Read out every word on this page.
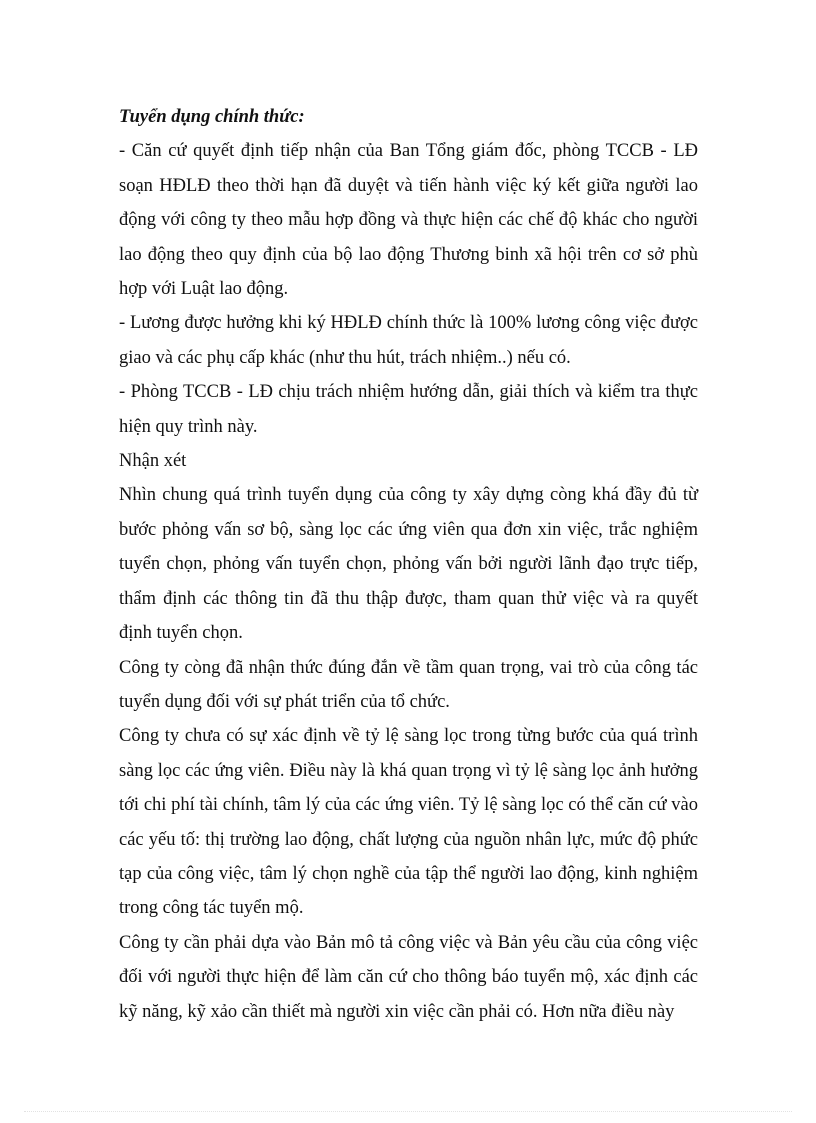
Tuyển dụng chính thức:

- Căn cứ quyết định tiếp nhận của Ban Tổng giám đốc, phòng TCCB - LĐ soạn HĐLĐ theo thời hạn đã duyệt và tiến hành việc ký kết giữa người lao động với công ty theo mẫu hợp đồng và thực hiện các chế độ khác cho người lao động theo quy định của bộ lao động Thương binh xã hội trên cơ sở phù hợp với Luật lao động.

- Lương được hưởng khi ký HĐLĐ chính thức là 100% lương công việc được giao và các phụ cấp khác (như thu hút, trách nhiệm..) nếu có.

- Phòng TCCB - LĐ chịu trách nhiệm hướng dẫn, giải thích và kiểm tra thực hiện quy trình này.

Nhận xét

Nhìn chung quá trình tuyển dụng của công ty xây dựng còng khá đầy đủ từ bước phỏng vấn sơ bộ, sàng lọc các ứng viên qua đơn xin việc, trắc nghiệm tuyển chọn, phỏng vấn tuyển chọn, phỏng vấn bởi người lãnh đạo trực tiếp, thẩm định các thông tin đã thu thập được, tham quan thử việc và ra quyết định tuyển chọn.

Công ty còng đã nhận thức đúng đắn về tầm quan trọng, vai trò của công tác tuyển dụng đối với sự phát triển của tổ chức.

Công ty chưa có sự xác định về tỷ lệ sàng lọc trong từng bước của quá trình sàng lọc các ứng viên. Điều này là khá quan trọng vì tỷ lệ sàng lọc ảnh hưởng tới chi phí tài chính, tâm lý của các ứng viên. Tỷ lệ sàng lọc có thể căn cứ vào các yếu tố: thị trường lao động, chất lượng của nguồn nhân lực, mức độ phức tạp của công việc, tâm lý chọn nghề của tập thể người lao động, kinh nghiệm trong công tác tuyển mộ.

Công ty cần phải dựa vào Bản mô tả công việc và Bản yêu cầu của công việc đối với người thực hiện để làm căn cứ cho thông báo tuyển mộ, xác định các kỹ năng, kỹ xảo cần thiết mà người xin việc cần phải có. Hơn nữa điều này
